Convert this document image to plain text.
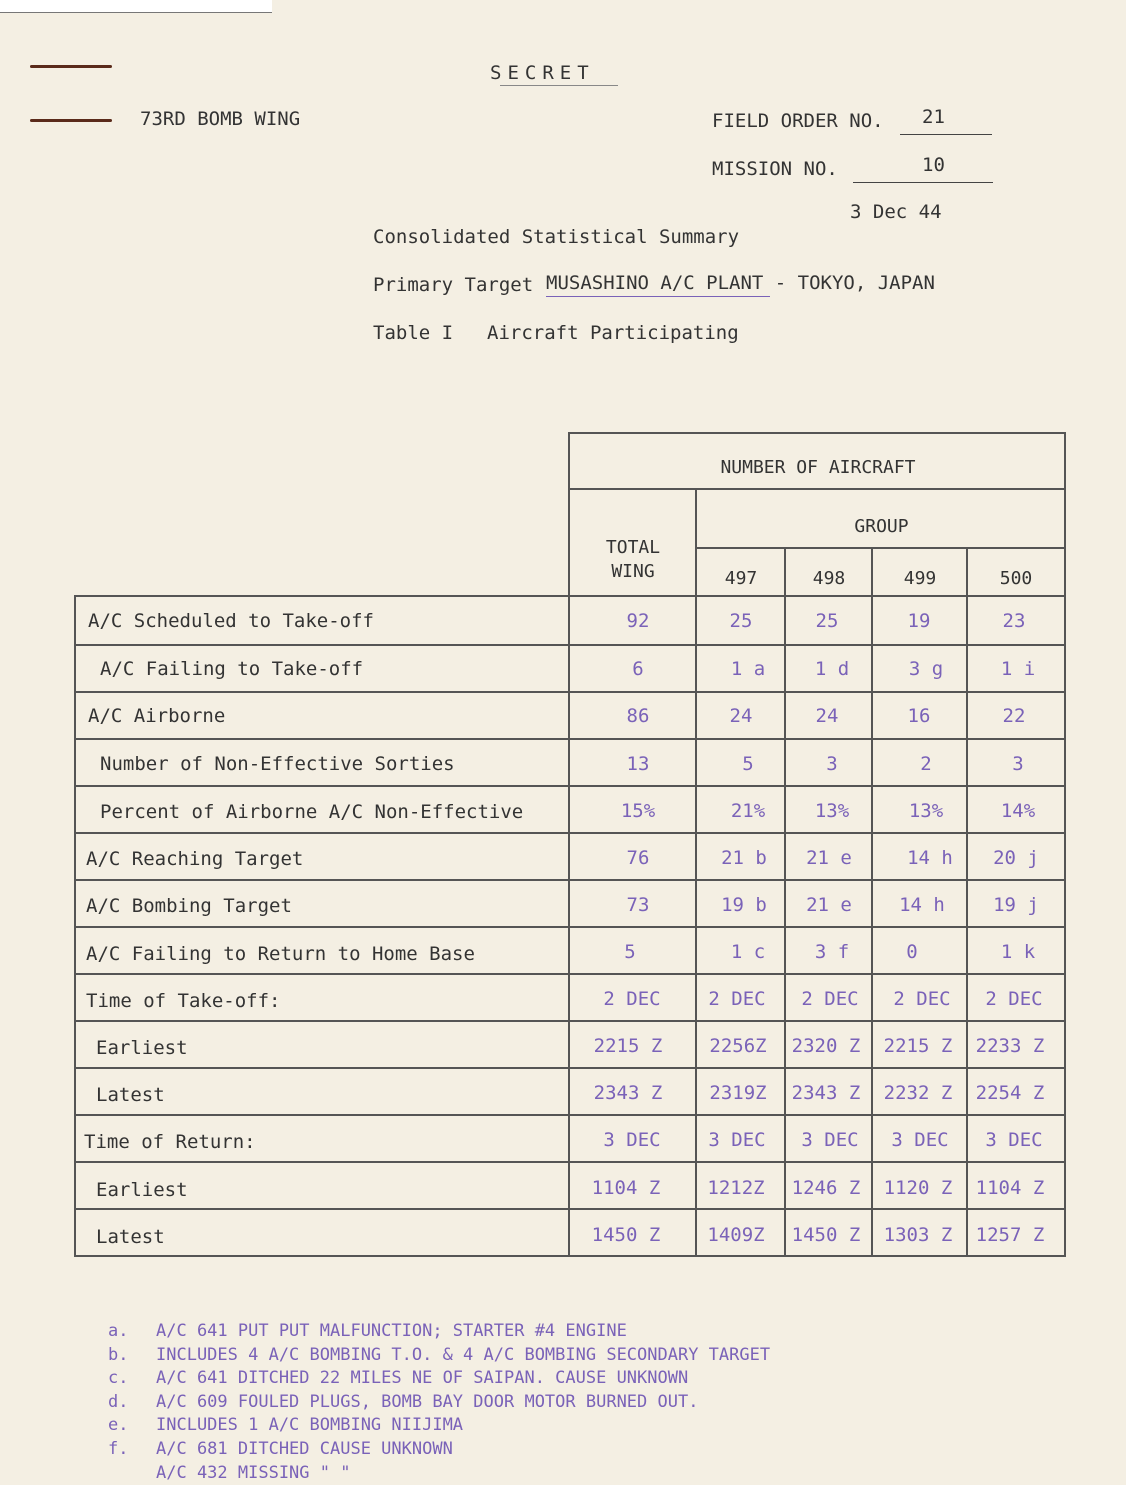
SECRET
73RD BOMB WING	FIELD ORDER NO. 21
MISSION NO.	10
3 Dec 44
Consolidated Statistical Summary
Primary Target MUSASHINO A/C PLANT - TOKYO, JAPAN
Table I Aircraft Participating
NUMBER OF AIRCRAFT
GROUP
TOTAL
WING	497	498	499	500
A/C Scheduled to Take-off	92	25	25	19	23
A/C Failing to Take-off	6	1 a	1 d	3 g	1 i
A/C Airborne	86	24	24	16	22
Number of Non-Effective Sorties	13	5	3	2	3
Percent of Airborne A/C Non-Effective	15%	21%	13%	13%	14%
A/C Reaching Target	76	21 b	21 e	14 h	20 j
A/C Bombing Target	73	19 b	21 e	14 h	19 j
A/C Failing to Return to Home Base	5	1 c	3 f	0	1 k
Time of Take-off:	2 DEC	2 DEC	2 DEC	2 DEC	2 DEC
Earliest	2215 Z	2256Z	2320 Z	2215 Z	2233 Z
Latest	2343 Z	2319Z	2343 Z	2232 Z	2254 Z
Time of Return:	3 DEC	3 DEC	3 DEC	3 DEC	3 DEC
Earliest	1104 Z	1212Z	1246 Z	1120 Z	1104 Z
Latest	1450 Z	1409Z	1450 Z	1303 Z	1257 Z
a. A/C 641 PUT PUT MALFUNCTION; STARTER #4 ENGINE
b. INCLUDES 4 A/C BOMBING T.O. & 4 A/C BOMBING SECONDARY TARGET
c. A/C 641 DITCHED 22 MILES NE OF SAIPAN. CAUSE UNKNOWN
d. A/C 609 FOULED PLUGS, BOMB BAY DOOR MOTOR BURNED OUT.
e. INCLUDES 1 A/C BOMBING NIIJIMA
f. A/C 681 DITCHED CAUSE UNKNOWN
A/C 432 MISSING " "
